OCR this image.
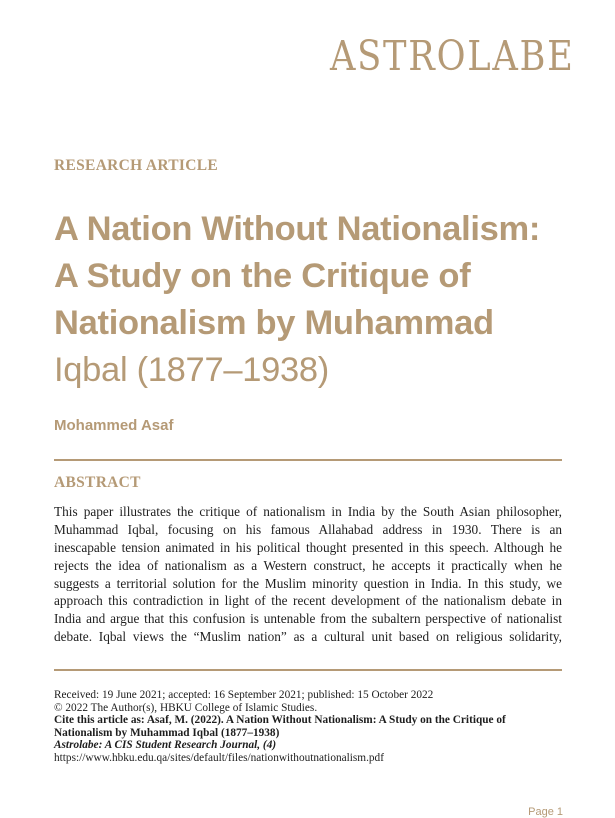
ASTROLABE
RESEARCH ARTICLE
A Nation Without Nationalism:
A Study on the Critique of
Nationalism by Muhammad
Iqbal (1877–1938)
Mohammed Asaf
ABSTRACT
This paper illustrates the critique of nationalism in India by the South Asian philosopher,
Muhammad Iqbal, focusing on his famous Allahabad address in 1930. There is an
inescapable tension animated in his political thought presented in this speech. Although he
rejects the idea of nationalism as a Western construct, he accepts it practically when he
suggests a territorial solution for the Muslim minority question in India. In this study, we
approach this contradiction in light of the recent development of the nationalism debate in
India and argue that this confusion is untenable from the subaltern perspective of nationalist
debate. Iqbal views the “Muslim nation” as a cultural unit based on religious solidarity,
Received: 19 June 2021; accepted: 16 September 2021; published: 15 October 2022
© 2022 The Author(s), HBKU College of Islamic Studies.
Cite this article as: Asaf, M. (2022). A Nation Without Nationalism: A Study on the Critique of
Nationalism by Muhammad Iqbal (1877–1938)
Astrolabe: A CIS Student Research Journal, (4)
https://www.hbku.edu.qa/sites/default/files/nationwithoutnationalism.pdf
Page 1
